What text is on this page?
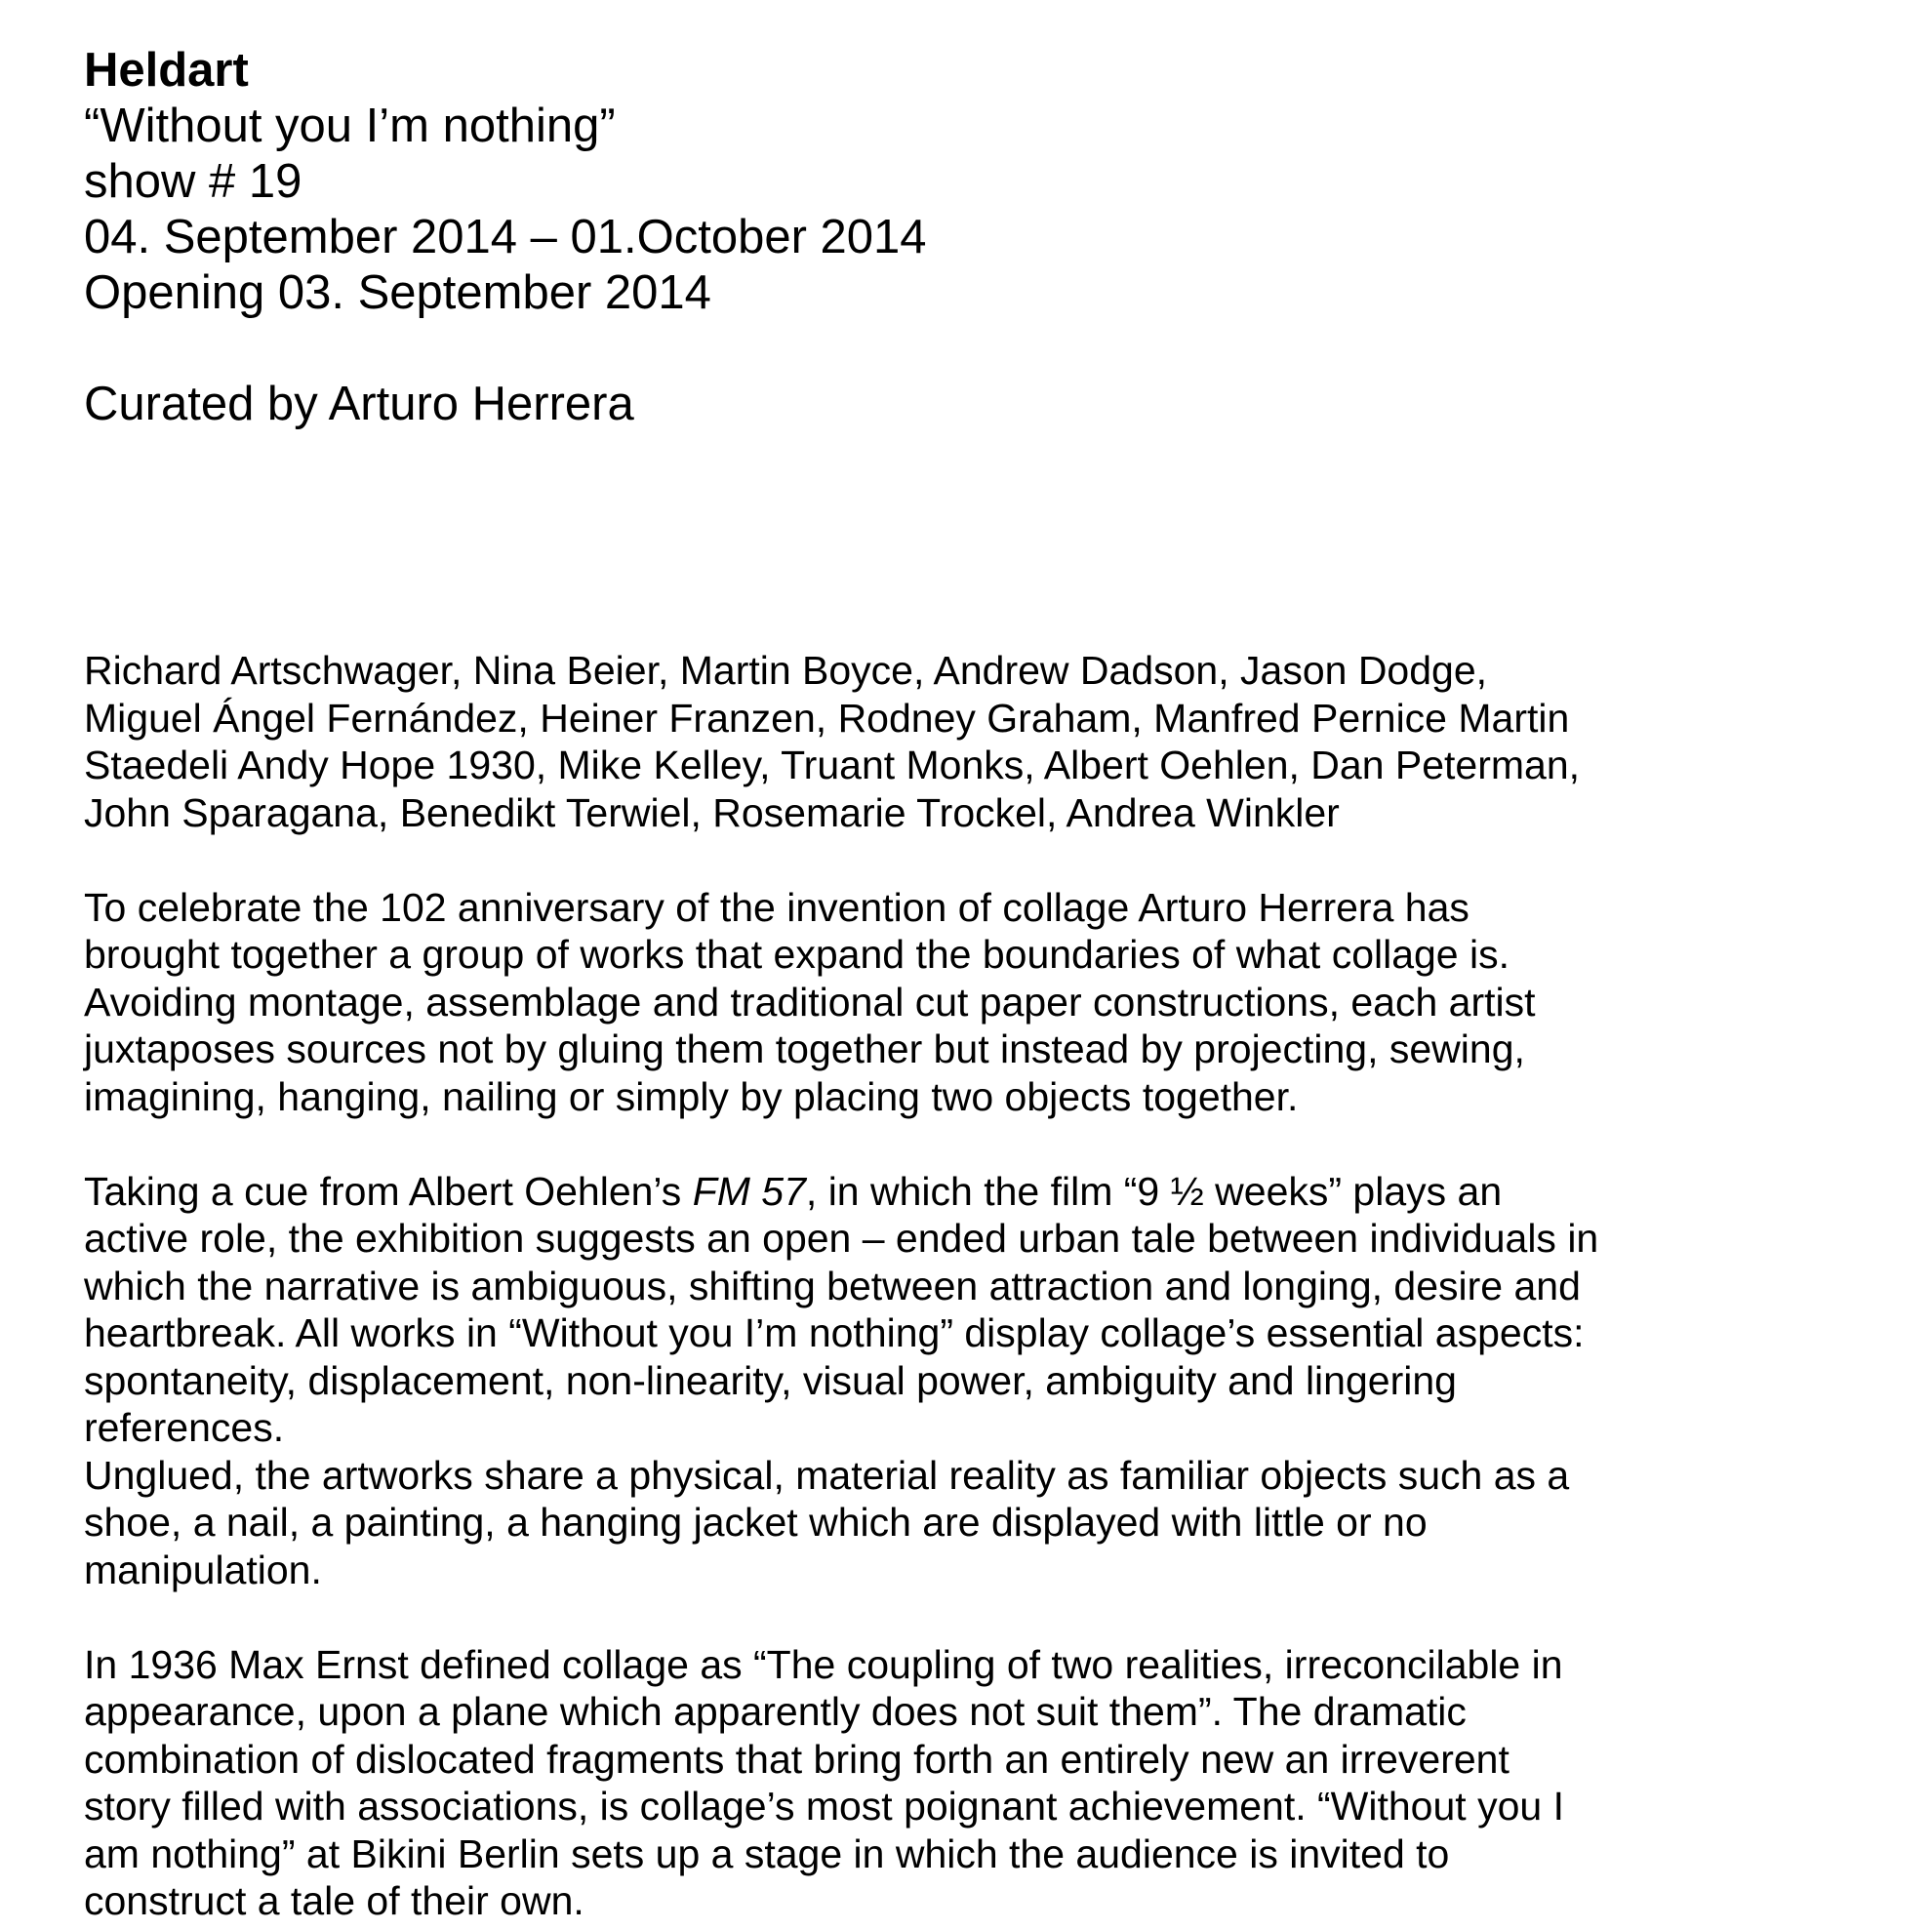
Heldart

“Without you I’m nothing”

show # 19

04. September 2014 – 01.October 2014

Opening 03. September 2014

Curated by Arturo Herrera

Richard Artschwager, Nina Beier, Martin Boyce, Andrew Dadson, Jason Dodge,
Miguel Ángel Fernández, Heiner Franzen, Rodney Graham, Manfred Pernice Martin
Staedeli Andy Hope 1930, Mike Kelley, Truant Monks, Albert Oehlen, Dan Peterman,
John Sparagana, Benedikt Terwiel, Rosemarie Trockel, Andrea Winkler

To celebrate the 102 anniversary of the invention of collage Arturo Herrera has
brought together a group of works that expand the boundaries of what collage is.
Avoiding montage, assemblage and traditional cut paper constructions, each artist
juxtaposes sources not by gluing them together but instead by projecting, sewing,
imagining, hanging, nailing or simply by placing two objects together.

Taking a cue from Albert Oehlen’s FM 57, in which the film “9 ½ weeks” plays an
active role, the exhibition suggests an open – ended urban tale between individuals in
which the narrative is ambiguous, shifting between attraction and longing, desire and
heartbreak. All works in “Without you I’m nothing” display collage’s essential aspects:
spontaneity, displacement, non-linearity, visual power, ambiguity and lingering
references.

Unglued, the artworks share a physical, material reality as familiar objects such as a
shoe, a nail, a painting, a hanging jacket which are displayed with little or no
manipulation.

In 1936 Max Ernst defined collage as “The coupling of two realities, irreconcilable in
appearance, upon a plane which apparently does not suit them”. The dramatic
combination of dislocated fragments that bring forth an entirely new an irreverent
story filled with associations, is collage’s most poignant achievement. “Without you I
am nothing” at Bikini Berlin sets up a stage in which the audience is invited to
construct a tale of their own.
